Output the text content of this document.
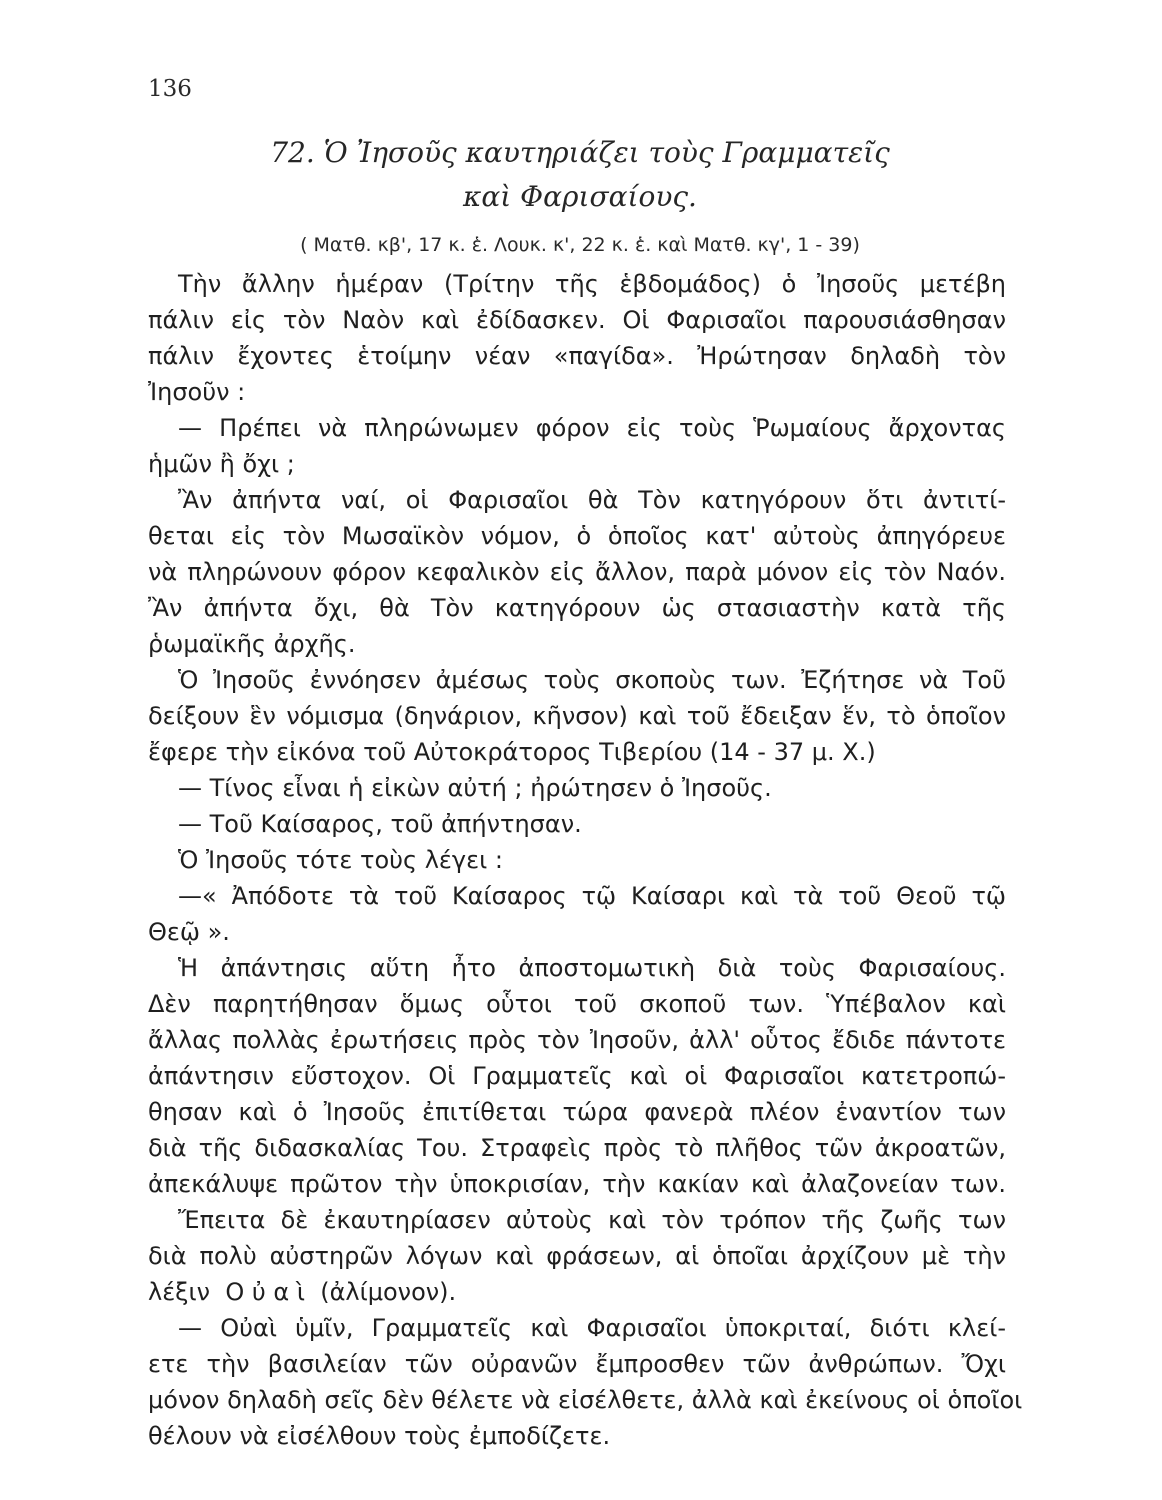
136
72. Ὁ Ἰησοῦς καυτηριάζει τοὺς Γραμματεῖς
καὶ Φαρισαίους.
( Ματθ. κβ', 17 κ. ἑ. Λουκ. κ', 22 κ. ἑ. καὶ Ματθ. κγ', 1 - 39)
Τὴν ἄλλην ἡμέραν (Τρίτην τῆς ἑβδομάδος) ὁ Ἰησοῦς μετέβη
πάλιν εἰς τὸν Ναὸν καὶ ἐδίδασκεν. Οἱ Φαρισαῖοι παρουσιάσθησαν
πάλιν ἔχοντες ἑτοίμην νέαν «παγίδα». Ἠρώτησαν δηλαδὴ τὸν
Ἰησοῦν :
— Πρέπει νὰ πληρώνωμεν φόρον εἰς τοὺς Ῥωμαίους ἄρχοντας
ἡμῶν ἢ ὄχι ;
Ἂν ἀπήντα ναί, οἱ Φαρισαῖοι θὰ Τὸν κατηγόρουν ὅτι ἀντιτί-
θεται εἰς τὸν Μωσαϊκὸν νόμον, ὁ ὁποῖος κατ' αὐτοὺς ἀπηγόρευε
νὰ πληρώνουν φόρον κεφαλικὸν εἰς ἄλλον, παρὰ μόνον εἰς τὸν Ναόν.
Ἂν ἀπήντα ὄχι, θὰ Τὸν κατηγόρουν ὡς στασιαστὴν κατὰ τῆς
ῥωμαϊκῆς ἀρχῆς.
Ὁ Ἰησοῦς ἐννόησεν ἀμέσως τοὺς σκοποὺς των. Ἐζήτησε νὰ Τοῦ
δείξουν ἓν νόμισμα (δηνάριον, κῆνσον) καὶ τοῦ ἔδειξαν ἕν, τὸ ὁποῖον
ἔφερε τὴν εἰκόνα τοῦ Αὐτοκράτορος Τιβερίου (14 - 37 μ. Χ.)
— Τίνος εἶναι ἡ εἰκὼν αὐτή ; ἠρώτησεν ὁ Ἰησοῦς.
— Τοῦ Καίσαρος, τοῦ ἀπήντησαν.
Ὁ Ἰησοῦς τότε τοὺς λέγει :
—« Ἀπόδοτε τὰ τοῦ Καίσαρος τῷ Καίσαρι καὶ τὰ τοῦ Θεοῦ τῷ
Θεῷ ».
Ἡ ἀπάντησις αὕτη ἦτο ἀποστομωτικὴ διὰ τοὺς Φαρισαίους.
Δὲν παρητήθησαν ὅμως οὗτοι τοῦ σκοποῦ των. Ὑπέβαλον καὶ
ἄλλας πολλὰς ἐρωτήσεις πρὸς τὸν Ἰησοῦν, ἀλλ' οὗτος ἔδιδε πάντοτε
ἀπάντησιν εὔστοχον. Οἱ Γραμματεῖς καὶ οἱ Φαρισαῖοι κατετροπώ-
θησαν καὶ ὁ Ἰησοῦς ἐπιτίθεται τώρα φανερὰ πλέον ἐναντίον των
διὰ τῆς διδασκαλίας Του. Στραφεὶς πρὸς τὸ πλῆθος τῶν ἀκροατῶν,
ἀπεκάλυψε πρῶτον τὴν ὑποκρισίαν, τὴν κακίαν καὶ ἀλαζονείαν των.
Ἔπειτα δὲ ἐκαυτηρίασεν αὐτοὺς καὶ τὸν τρόπον τῆς ζωῆς των
διὰ πολὺ αὐστηρῶν λόγων καὶ φράσεων, αἱ ὁποῖαι ἀρχίζουν μὲ τὴν
λέξιν  Ο ὐ α ὶ  (ἀλίμονον).
— Οὐαὶ ὑμῖν, Γραμματεῖς καὶ Φαρισαῖοι ὑποκριταί, διότι κλεί-
ετε τὴν βασιλείαν τῶν οὐρανῶν ἔμπροσθεν τῶν ἀνθρώπων. Ὄχι
μόνον δηλαδὴ σεῖς δὲν θέλετε νὰ εἰσέλθετε, ἀλλὰ καὶ ἐκείνους οἱ ὁποῖοι
θέλουν νὰ εἰσέλθουν τοὺς ἐμποδίζετε.
